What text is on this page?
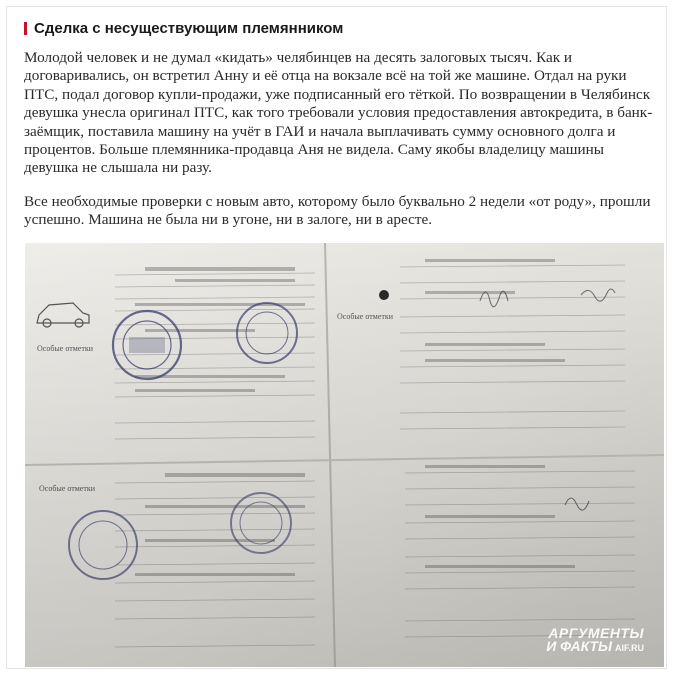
Сделка с несуществующим племянником

Молодой человек и не думал «кидать» челябинцев на десять залоговых тысяч. Как и договаривались, он встретил Анну и её отца на вокзале всё на той же машине. Отдал на руки ПТС, подал договор купли-продажи, уже подписанный его тёткой. По возвращении в Челябинск девушка унесла оригинал ПТС, как того требовали условия предоставления автокредита, в банк-заёмщик, поставила машину на учёт в ГАИ и начала выплачивать сумму основного долга и процентов. Больше племянника-продавца Аня не видела. Саму якобы владелицу машины девушка не слышала ни разу.

Все необходимые проверки с новым авто, которому было буквально 2 недели «от роду», прошли успешно. Машина не была ни в угоне, ни в залоге, ни в аресте.

АРГУМЕНТЫ
И ФАКТЫ AIF.RU
